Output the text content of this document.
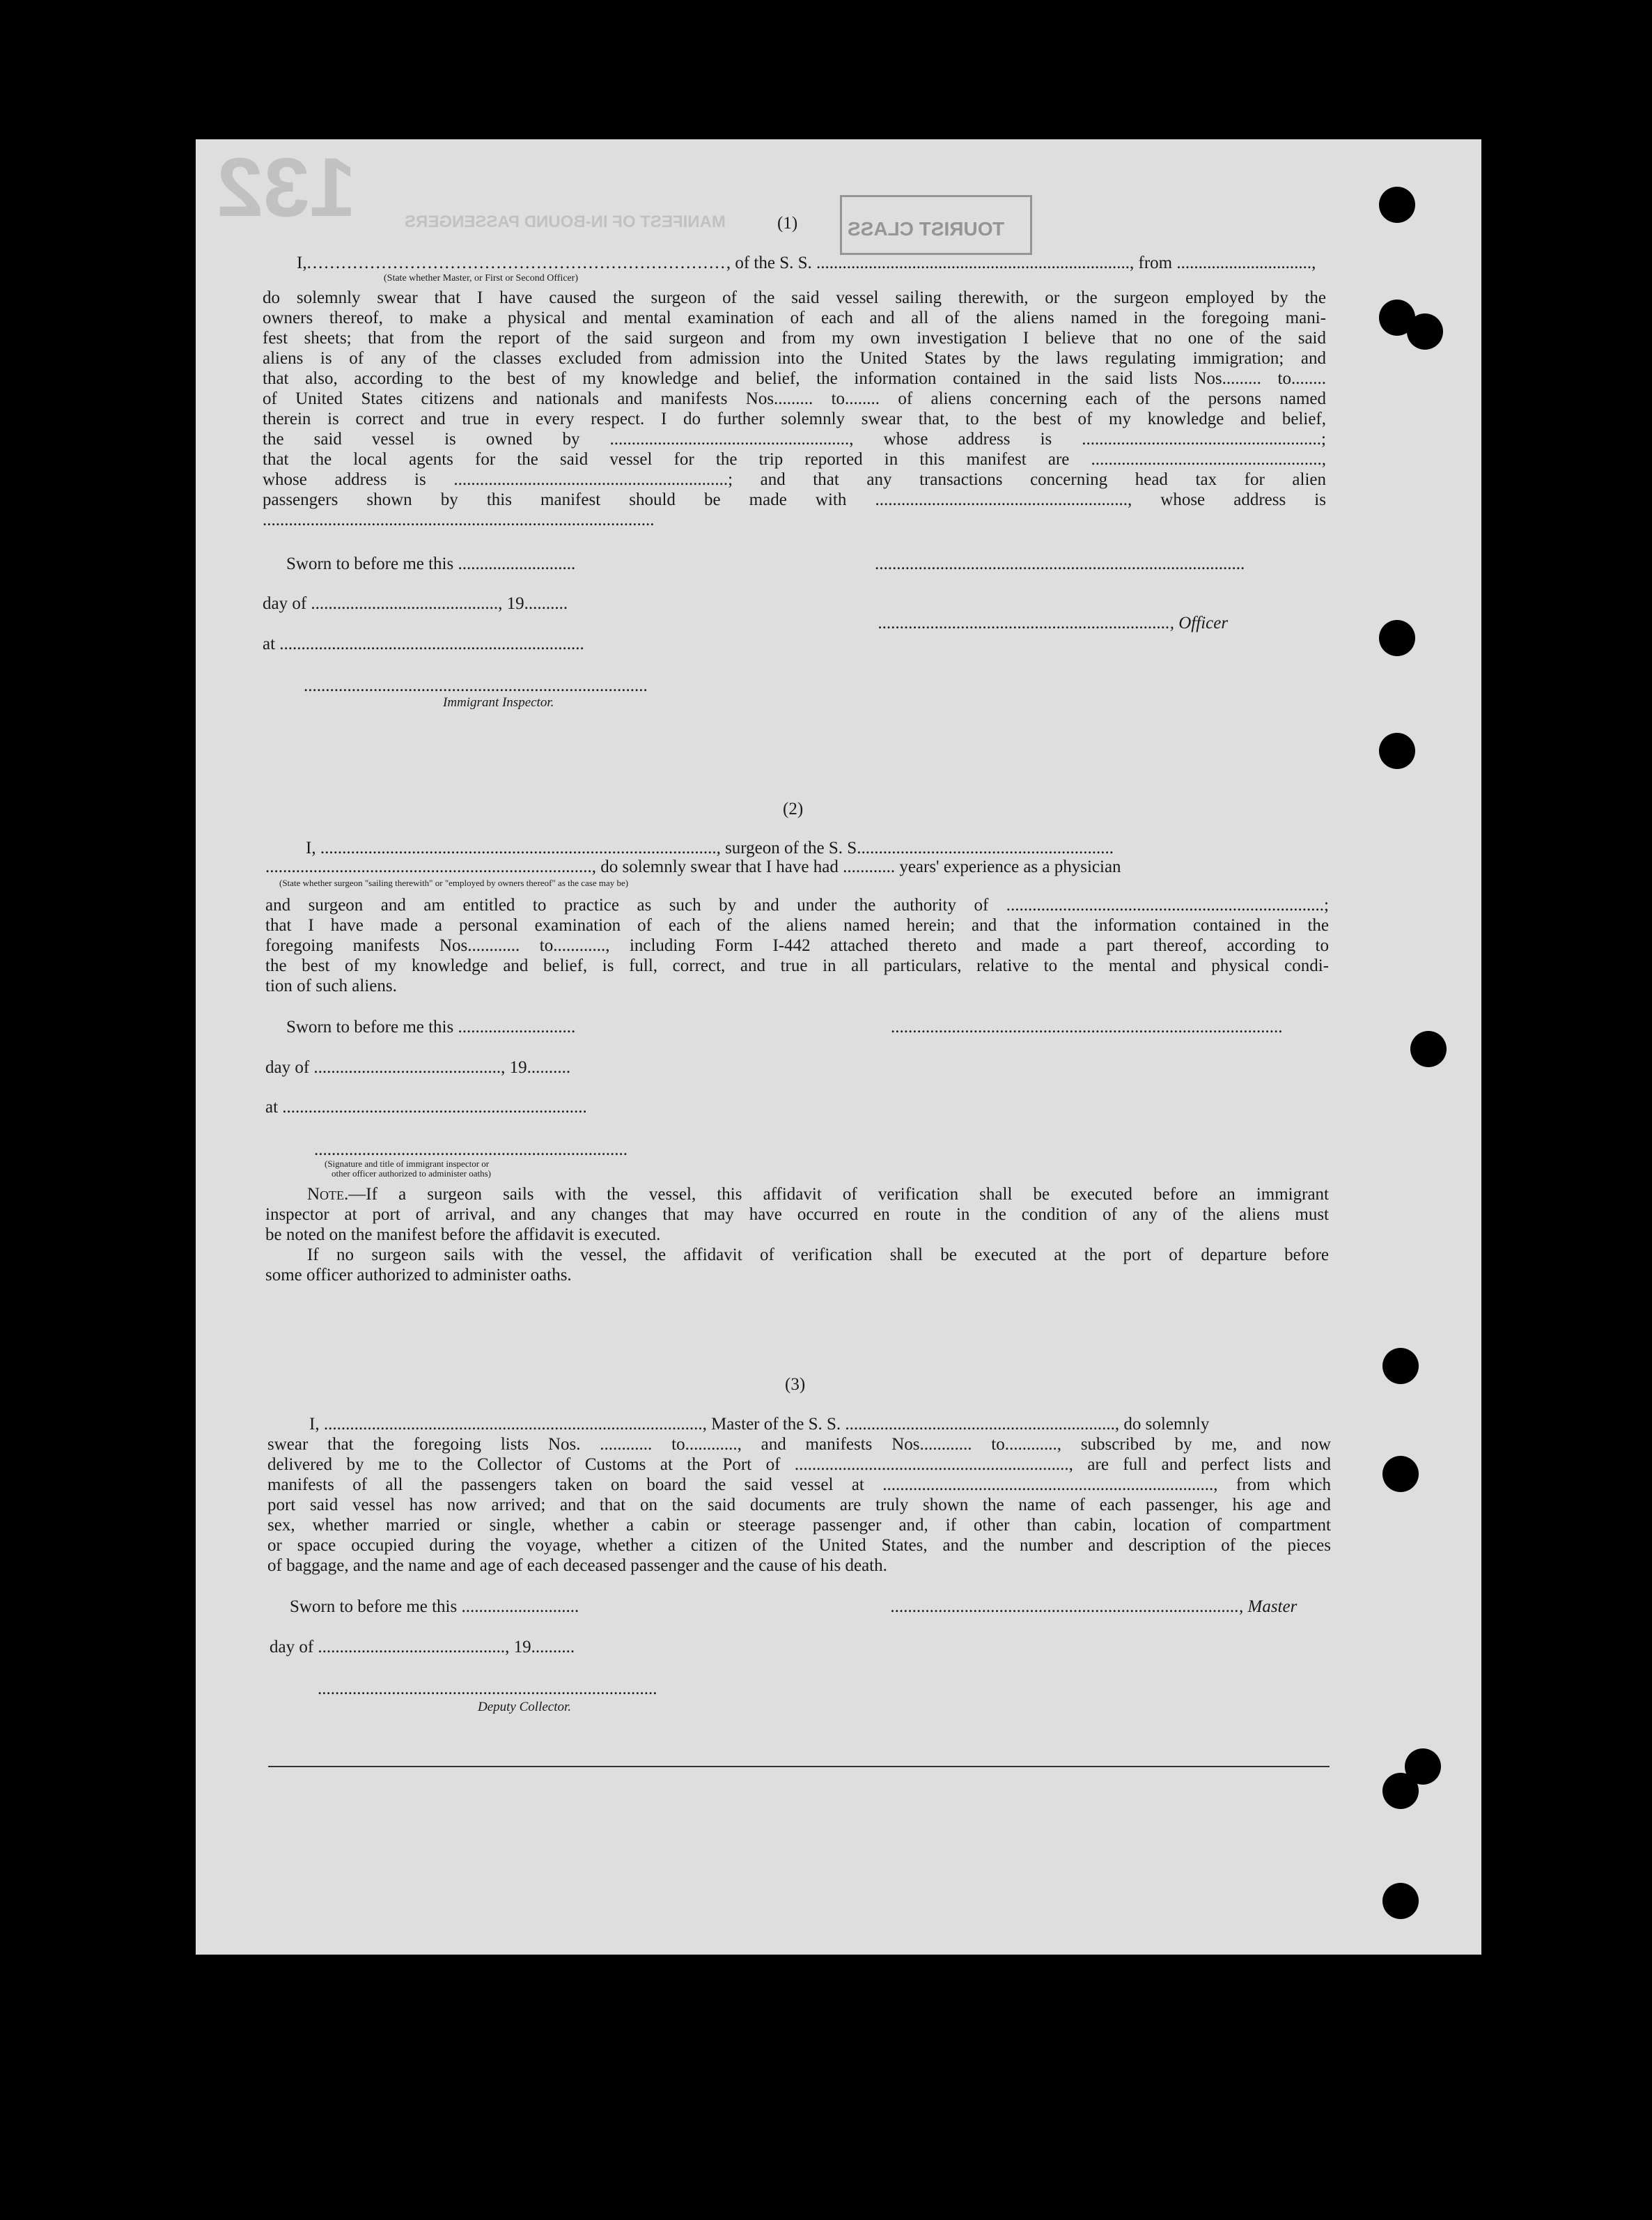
132	MANIFEST OF IN-BOUND PASSENGERS	TOURIST CLASS
(1)
I,........................................................................., of the S. S. ........................................................................, from ...............................,
(State whether Master, or First or Second Officer)
do solemnly swear that I have caused the surgeon of the said vessel sailing therewith, or the surgeon employed by the
owners thereof, to make a physical and mental examination of each and all of the aliens named in the foregoing mani-
fest sheets; that from the report of the said surgeon and from my own investigation I believe that no one of the said
aliens is of any of the classes excluded from admission into the United States by the laws regulating immigration; and
that also, according to the best of my knowledge and belief, the information contained in the said lists Nos......... to........
of United States citizens and nationals and manifests Nos......... to........ of aliens concerning each of the persons named
therein is correct and true in every respect. I do further solemnly swear that, to the best of my knowledge and belief,
the said vessel is owned by ......................................................., whose address is .......................................................;
that the local agents for the said vessel for the trip reported in this manifest are .....................................................,
whose address is ...............................................................; and that any transactions concerning head tax for alien
passengers shown by this manifest should be made with .........................................................., whose address is
..........................................................................................
Sworn to before me this ...........................	.....................................................................................
day of ..........................................., 19..........
..................................................................., Officer
at ......................................................................
...............................................................................
Immigrant Inspector.
(2)
I, ..........................................................................................., surgeon of the S. S...........................................................
..........................................................................., do solemnly swear that I have had ............ years' experience as a physician
(State whether surgeon "sailing therewith" or "employed by owners thereof" as the case may be)
and surgeon and am entitled to practice as such by and under the authority of .........................................................................;
that I have made a personal examination of each of the aliens named herein; and that the information contained in the
foregoing manifests Nos............ to............, including Form I-442 attached thereto and made a part thereof, according to
the best of my knowledge and belief, is full, correct, and true in all particulars, relative to the mental and physical condi-
tion of such aliens.
Sworn to before me this ...........................	..........................................................................................
day of ..........................................., 19..........
at ......................................................................
........................................................................
(Signature and title of immigrant inspector or
other officer authorized to administer oaths)
Note.—If a surgeon sails with the vessel, this affidavit of verification shall be executed before an immigrant
inspector at port of arrival, and any changes that may have occurred en route in the condition of any of the aliens must
be noted on the manifest before the affidavit is executed.
If no surgeon sails with the vessel, the affidavit of verification shall be executed at the port of departure before
some officer authorized to administer oaths.
(3)
I, ......................................................................................., Master of the S. S. .............................................................., do solemnly
swear that the foregoing lists Nos. ............ to............, and manifests Nos............ to............, subscribed by me, and now
delivered by me to the Collector of Customs at the Port of ..............................................................., are full and perfect lists and
manifests of all the passengers taken on board the said vessel at ............................................................................, from which
port said vessel has now arrived; and that on the said documents are truly shown the name of each passenger, his age and
sex, whether married or single, whether a cabin or steerage passenger and, if other than cabin, location of compartment
or space occupied during the voyage, whether a citizen of the United States, and the number and description of the pieces
of baggage, and the name and age of each deceased passenger and the cause of his death.
Sworn to before me this ...........................	................................................................................, Master
day of ..........................................., 19..........
..............................................................................
Deputy Collector.
